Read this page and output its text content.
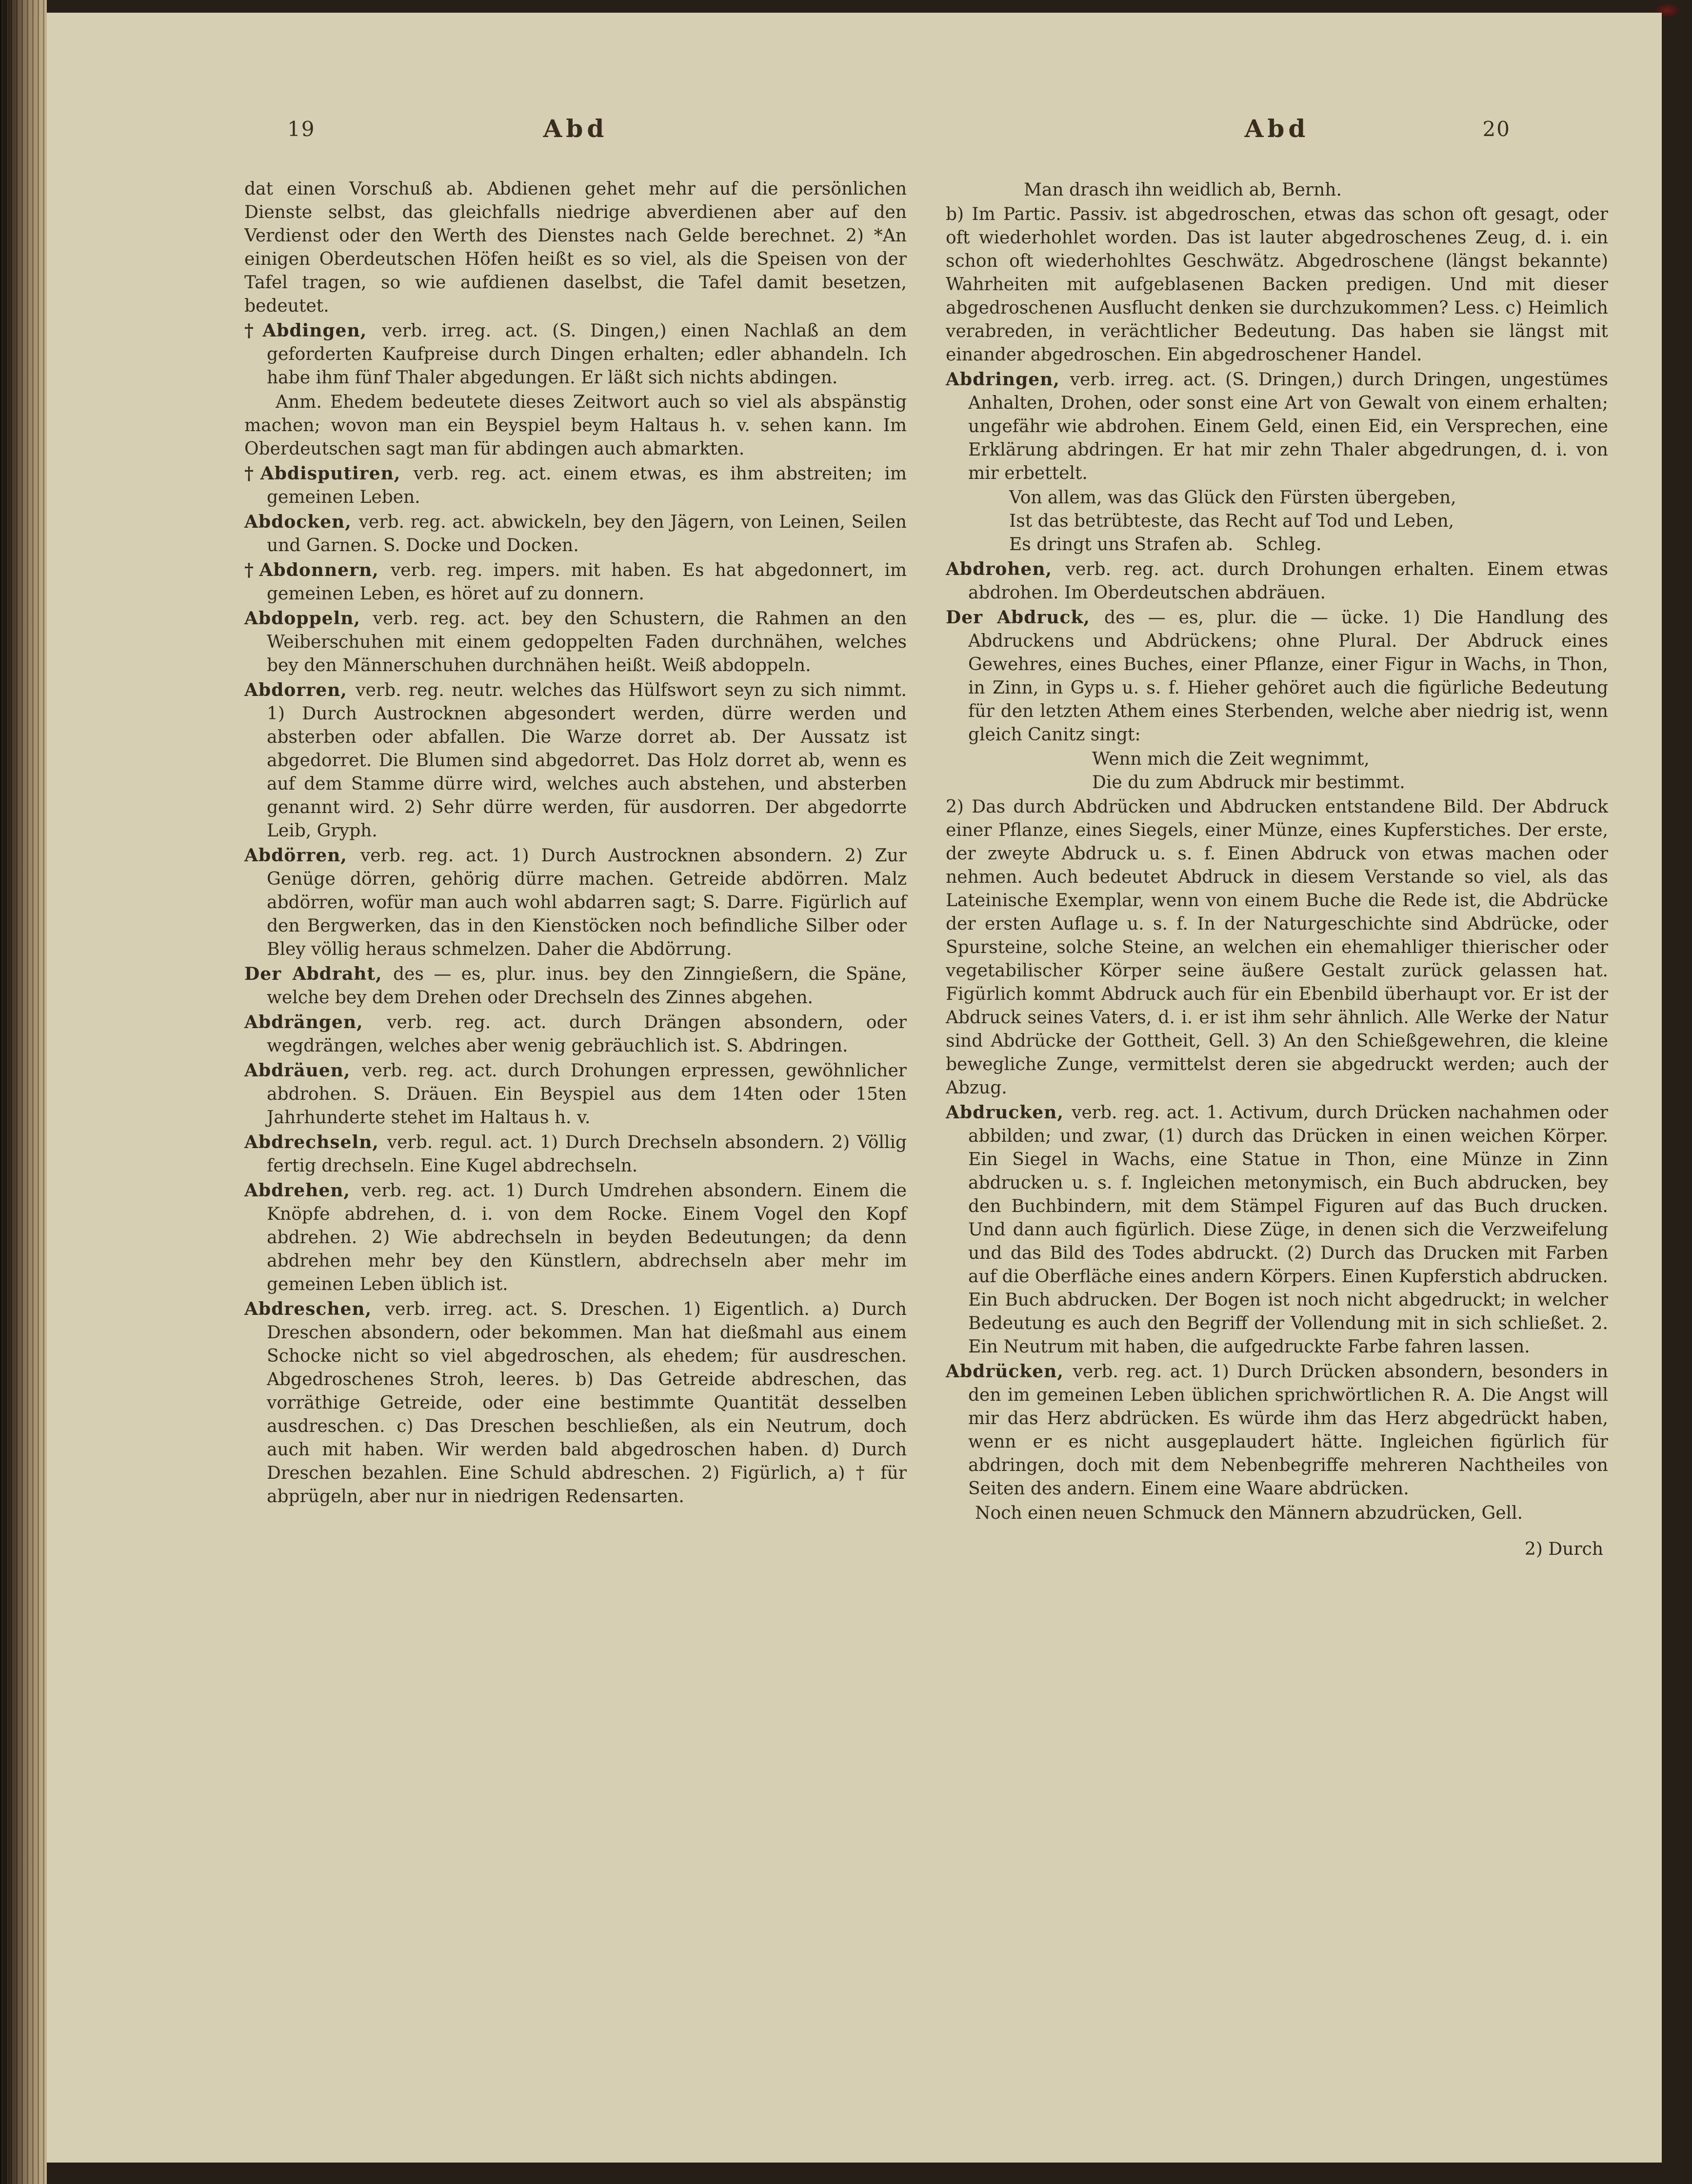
19	Abd	Abd	20

dat einen Vorschuß ab. Abdienen gehet mehr auf die persönlichen Dienste selbst, das gleichfalls niedrige abverdienen aber auf den Verdienst oder den Werth des Dienstes nach Gelde berechnet. 2) *An einigen Oberdeutschen Höfen heißt es so viel, als die Speisen von der Tafel tragen, so wie aufdienen daselbst, die Tafel damit besetzen, bedeutet.

†Abdingen, verb. irreg. act. (S. Dingen,) einen Nachlaß an dem geforderten Kaufpreise durch Dingen erhalten; edler abhandeln. Ich habe ihm fünf Thaler abgedungen. Er läßt sich nichts abdingen.

Anm. Ehedem bedeutete dieses Zeitwort auch so viel als abspänstig machen; wovon man ein Beyspiel beym Haltaus h. v. sehen kann. Im Oberdeutschen sagt man für abdingen auch abmarkten.

†Abdisputiren, verb. reg. act. einem etwas, es ihm abstreiten; im gemeinen Leben.

Abdocken, verb. reg. act. abwickeln, bey den Jägern, von Leinen, Seilen und Garnen. S. Docke und Docken.

†Abdonnern, verb. reg. impers. mit haben. Es hat abgedonnert, im gemeinen Leben, es höret auf zu donnern.

Abdoppeln, verb. reg. act. bey den Schustern, die Rahmen an den Weiberschuhen mit einem gedoppelten Faden durchnähen, welches bey den Männerschuhen durchnähen heißt. Weiß abdoppeln.

Abdorren, verb. reg. neutr. welches das Hülfswort seyn zu sich nimmt. 1) Durch Austrocknen abgesondert werden, dürre werden und absterben oder abfallen. Die Warze dorret ab. Der Aussatz ist abgedorret. Die Blumen sind abgedorret. Das Holz dorret ab, wenn es auf dem Stamme dürre wird, welches auch abstehen, und absterben genannt wird. 2) Sehr dürre werden, für ausdorren. Der abgedorrte Leib, Gryph.

Abdörren, verb. reg. act. 1) Durch Austrocknen absondern. 2) Zur Genüge dörren, gehörig dürre machen. Getreide abdörren. Malz abdörren, wofür man auch wohl abdarren sagt; S. Darre. Figürlich auf den Bergwerken, das in den Kienstöcken noch befindliche Silber oder Bley völlig heraus schmelzen. Daher die Abdörrung.

Der Abdraht, des — es, plur. inus. bey den Zinngießern, die Späne, welche bey dem Drehen oder Drechseln des Zinnes abgehen.

Abdrängen, verb. reg. act. durch Drängen absondern, oder wegdrängen, welches aber wenig gebräuchlich ist. S. Abdringen.

Abdräuen, verb. reg. act. durch Drohungen erpressen, gewöhnlicher abdrohen. S. Dräuen. Ein Beyspiel aus dem 14ten oder 15ten Jahrhunderte stehet im Haltaus h. v.

Abdrechseln, verb. regul. act. 1) Durch Drechseln absondern. 2) Völlig fertig drechseln. Eine Kugel abdrechseln.

Abdrehen, verb. reg. act. 1) Durch Umdrehen absondern. Einem die Knöpfe abdrehen, d. i. von dem Rocke. Einem Vogel den Kopf abdrehen. 2) Wie abdrechseln in beyden Bedeutungen; da denn abdrehen mehr bey den Künstlern, abdrechseln aber mehr im gemeinen Leben üblich ist.

Abdreschen, verb. irreg. act. S. Dreschen. 1) Eigentlich. a) Durch Dreschen absondern, oder bekommen. Man hat dießmahl aus einem Schocke nicht so viel abgedroschen, als ehedem; für ausdreschen. Abgedroschenes Stroh, leeres. b) Das Getreide abdreschen, das vorräthige Getreide, oder eine bestimmte Quantität desselben ausdreschen. c) Das Dreschen beschließen, als ein Neutrum, doch auch mit haben. Wir werden bald abgedroschen haben. d) Durch Dreschen bezahlen. Eine Schuld abdreschen. 2) Figürlich, a) † für abprügeln, aber nur in niedrigen Redensarten.

Man drasch ihn weidlich ab, Bernh.

b) Im Partic. Passiv. ist abgedroschen, etwas das schon oft gesagt, oder oft wiederhohlet worden. Das ist lauter abgedroschenes Zeug, d. i. ein schon oft wiederhohltes Geschwätz. Abgedroschene (längst bekannte) Wahrheiten mit aufgeblasenen Backen predigen. Und mit dieser abgedroschenen Ausflucht denken sie durchzukommen? Less. c) Heimlich verabreden, in verächtlicher Bedeutung. Das haben sie längst mit einander abgedroschen. Ein abgedroschener Handel.

Abdringen, verb. irreg. act. (S. Dringen,) durch Dringen, ungestümes Anhalten, Drohen, oder sonst eine Art von Gewalt von einem erhalten; ungefähr wie abdrohen. Einem Geld, einen Eid, ein Versprechen, eine Erklärung abdringen. Er hat mir zehn Thaler abgedrungen, d. i. von mir erbettelt.

Von allem, was das Glück den Fürsten übergeben,
Ist das betrübteste, das Recht auf Tod und Leben,
Es dringt uns Strafen ab.    Schleg.

Abdrohen, verb. reg. act. durch Drohungen erhalten. Einem etwas abdrohen. Im Oberdeutschen abdräuen.

Der Abdruck, des — es, plur. die — ücke. 1) Die Handlung des Abdruckens und Abdrückens; ohne Plural. Der Abdruck eines Gewehres, eines Buches, einer Pflanze, einer Figur in Wachs, in Thon, in Zinn, in Gyps u. s. f. Hieher gehöret auch die figürliche Bedeutung für den letzten Athem eines Sterbenden, welche aber niedrig ist, wenn gleich Canitz singt:

Wenn mich die Zeit wegnimmt,
Die du zum Abdruck mir bestimmt.

2) Das durch Abdrücken und Abdrucken entstandene Bild. Der Abdruck einer Pflanze, eines Siegels, einer Münze, eines Kupferstiches. Der erste, der zweyte Abdruck u. s. f. Einen Abdruck von etwas machen oder nehmen. Auch bedeutet Abdruck in diesem Verstande so viel, als das Lateinische Exemplar, wenn von einem Buche die Rede ist, die Abdrücke der ersten Auflage u. s. f. In der Naturgeschichte sind Abdrücke, oder Spursteine, solche Steine, an welchen ein ehemahliger thierischer oder vegetabilischer Körper seine äußere Gestalt zurück gelassen hat. Figürlich kommt Abdruck auch für ein Ebenbild überhaupt vor. Er ist der Abdruck seines Vaters, d. i. er ist ihm sehr ähnlich. Alle Werke der Natur sind Abdrücke der Gottheit, Gell. 3) An den Schießgewehren, die kleine bewegliche Zunge, vermittelst deren sie abgedruckt werden; auch der Abzug.

Abdrucken, verb. reg. act. 1. Activum, durch Drücken nachahmen oder abbilden; und zwar, (1) durch das Drücken in einen weichen Körper. Ein Siegel in Wachs, eine Statue in Thon, eine Münze in Zinn abdrucken u. s. f. Ingleichen metonymisch, ein Buch abdrucken, bey den Buchbindern, mit dem Stämpel Figuren auf das Buch drucken. Und dann auch figürlich. Diese Züge, in denen sich die Verzweifelung und das Bild des Todes abdruckt. (2) Durch das Drucken mit Farben auf die Oberfläche eines andern Körpers. Einen Kupferstich abdrucken. Ein Buch abdrucken. Der Bogen ist noch nicht abgedruckt; in welcher Bedeutung es auch den Begriff der Vollendung mit in sich schließet. 2. Ein Neutrum mit haben, die aufgedruckte Farbe fahren lassen.

Abdrücken, verb. reg. act. 1) Durch Drücken absondern, besonders in den im gemeinen Leben üblichen sprichwörtlichen R. A. Die Angst will mir das Herz abdrücken. Es würde ihm das Herz abgedrückt haben, wenn er es nicht ausgeplaudert hätte. Ingleichen figürlich für abdringen, doch mit dem Nebenbegriffe mehreren Nachtheiles von Seiten des andern. Einem eine Waare abdrücken.

Noch einen neuen Schmuck den Männern abzudrücken, Gell.
2) Durch
